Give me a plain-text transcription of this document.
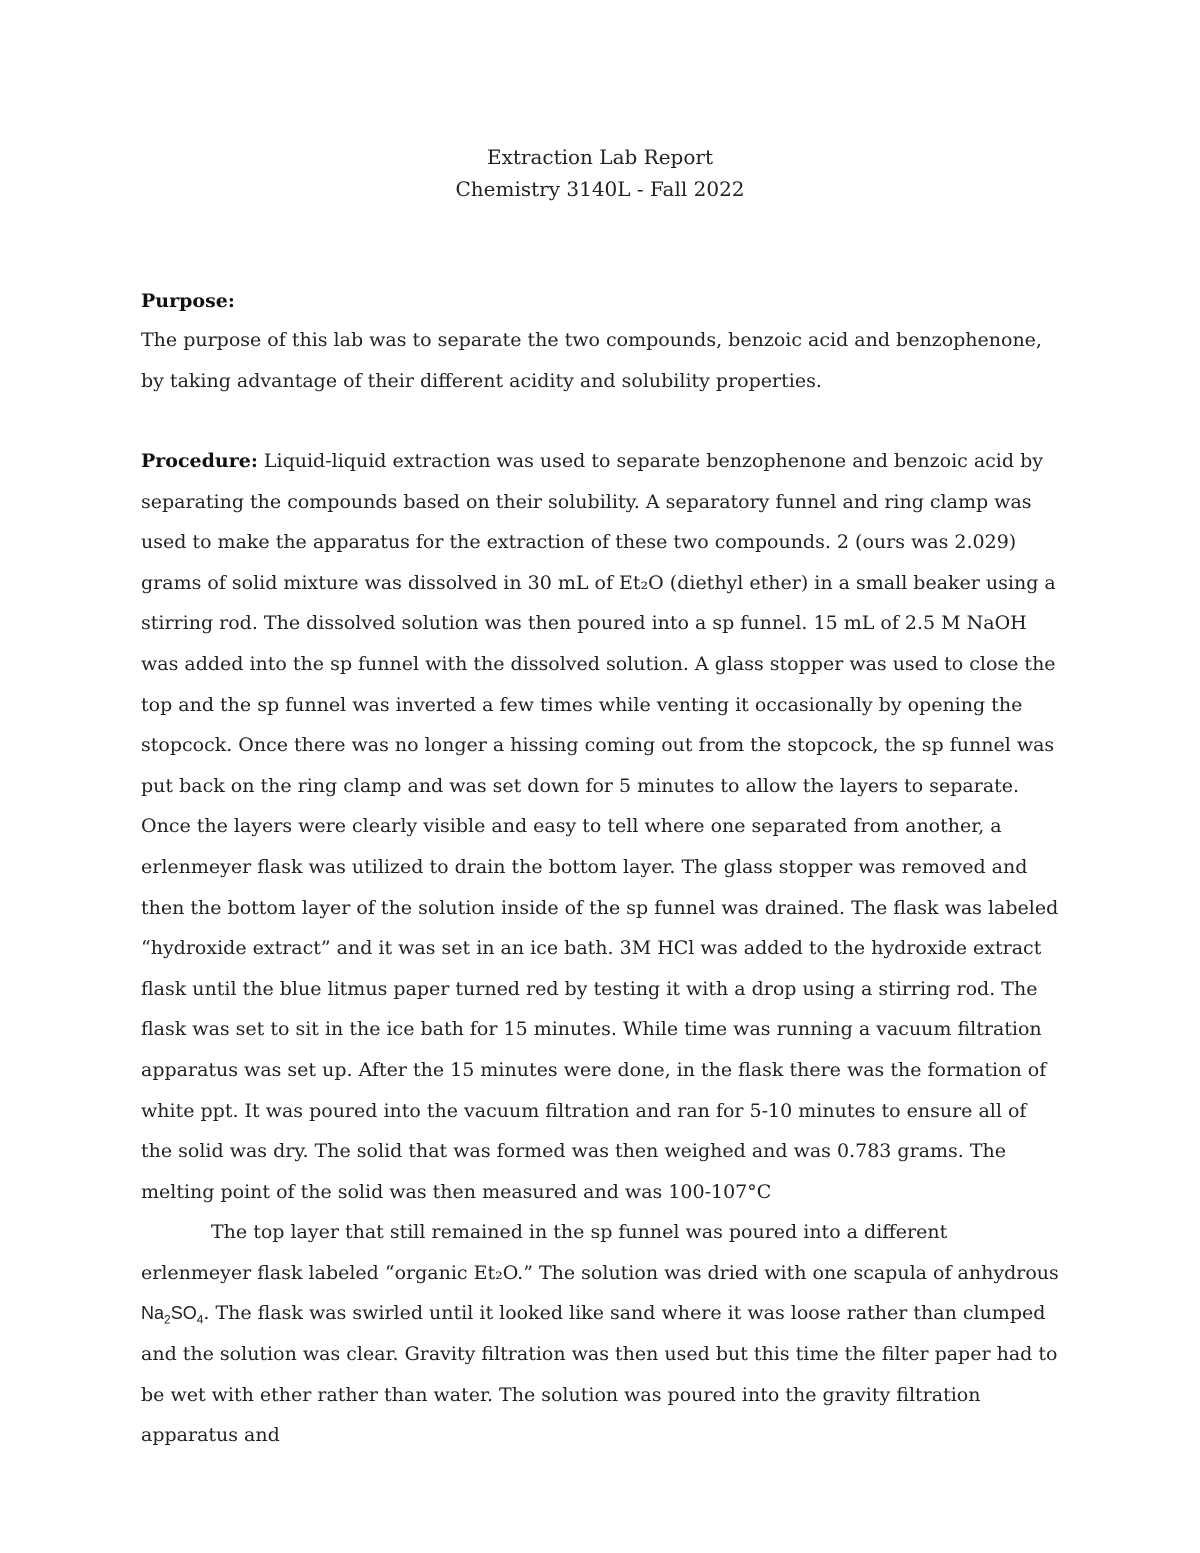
Extraction Lab Report
Chemistry 3140L - Fall 2022
Purpose:

The purpose of this lab was to separate the two compounds, benzoic acid and benzophenone, by taking advantage of their different acidity and solubility properties.

Procedure: Liquid-liquid extraction was used to separate benzophenone and benzoic acid by separating the compounds based on their solubility. A separatory funnel and ring clamp was used to make the apparatus for the extraction of these two compounds. 2 (ours was 2.029) grams of solid mixture was dissolved in 30 mL of Et₂O (diethyl ether) in a small beaker using a stirring rod. The dissolved solution was then poured into a sp funnel. 15 mL of 2.5 M NaOH was added into the sp funnel with the dissolved solution. A glass stopper was used to close the top and the sp funnel was inverted a few times while venting it occasionally by opening the stopcock. Once there was no longer a hissing coming out from the stopcock, the sp funnel was put back on the ring clamp and was set down for 5 minutes to allow the layers to separate. Once the layers were clearly visible and easy to tell where one separated from another, a erlenmeyer flask was utilized to drain the bottom layer. The glass stopper was removed and then the bottom layer of the solution inside of the sp funnel was drained. The flask was labeled “hydroxide extract” and it was set in an ice bath. 3M HCl was added to the hydroxide extract flask until the blue litmus paper turned red by testing it with a drop using a stirring rod. The flask was set to sit in the ice bath for 15 minutes. While time was running a vacuum filtration apparatus was set up. After the 15 minutes were done, in the flask there was the formation of white ppt. It was poured into the vacuum filtration and ran for 5-10 minutes to ensure all of the solid was dry. The solid that was formed was then weighed and was 0.783 grams. The melting point of the solid was then measured and was 100-107°C

The top layer that still remained in the sp funnel was poured into a different erlenmeyer flask labeled “organic Et₂O.” The solution was dried with one scapula of anhydrous $Na_2SO_4$. The flask was swirled until it looked like sand where it was loose rather than clumped and the solution was clear. Gravity filtration was then used but this time the filter paper had to be wet with ether rather than water. The solution was poured into the gravity filtration apparatus and
